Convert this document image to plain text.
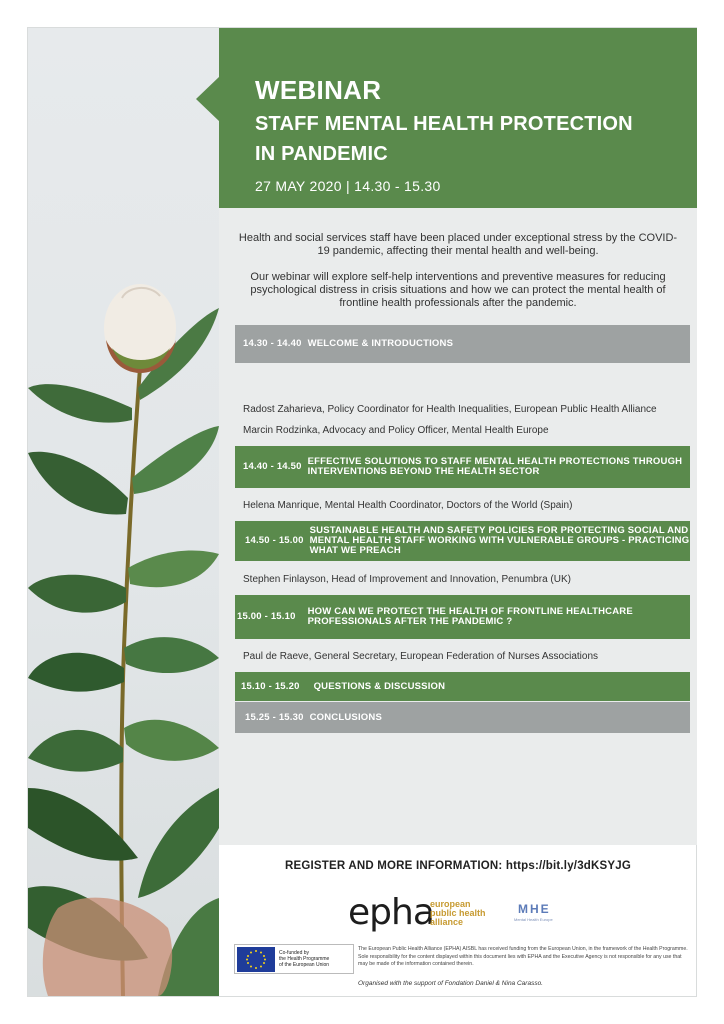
WEBINAR
STAFF MENTAL HEALTH PROTECTION
IN PANDEMIC
27 MAY 2020 | 14.30 - 15.30

Health and social services staff have been placed under exceptional stress by the COVID-19 pandemic, affecting their mental health and well-being.

Our webinar will explore self-help interventions and preventive measures for reducing psychological distress in crisis situations and how we can protect the mental health of frontline health professionals after the pandemic.

14.30 - 14.40 WELCOME & INTRODUCTIONS
Radost Zaharieva, Policy Coordinator for Health Inequalities, European Public Health Alliance
Marcin Rodzinka, Advocacy and Policy Officer, Mental Health Europe
14.40 - 14.50 EFFECTIVE SOLUTIONS TO STAFF MENTAL HEALTH PROTECTIONS THROUGH INTERVENTIONS BEYOND THE HEALTH SECTOR
Helena Manrique, Mental Health Coordinator, Doctors of the World (Spain)
14.50 - 15.00
SUSTAINABLE HEALTH AND SAFETY POLICIES FOR PROTECTING SOCIAL AND MENTAL HEALTH STAFF WORKING WITH VULNERABLE GROUPS - PRACTICING WHAT WE PREACH
Stephen Finlayson, Head of Improvement and Innovation, Penumbra (UK)
15.00 - 15.10 HOW CAN WE PROTECT THE HEALTH OF FRONTLINE HEALTHCARE PROFESSIONALS AFTER THE PANDEMIC ?
Paul de Raeve, General Secretary, European Federation of Nurses Associations
15.10 - 15.20 QUESTIONS & DISCUSSION
15.25 - 15.30 CONCLUSIONS
REGISTER AND MORE INFORMATION: https://bit.ly/3dKSYJG
epha
european
public health
alliance
MHE
Mental Health Europe
Co-funded by
the Health Programme
of the European Union

The European Public Health Alliance (EPHA) AISBL has received funding from the European Union, in the framework of the Health Programme. Sole responsibility for the content displayed within this document lies with EPHA and the Executive Agency is not responsible for any use that may be made of the information contained therein.

Organised with the support of Fondation Daniel & Nina Carasso.
